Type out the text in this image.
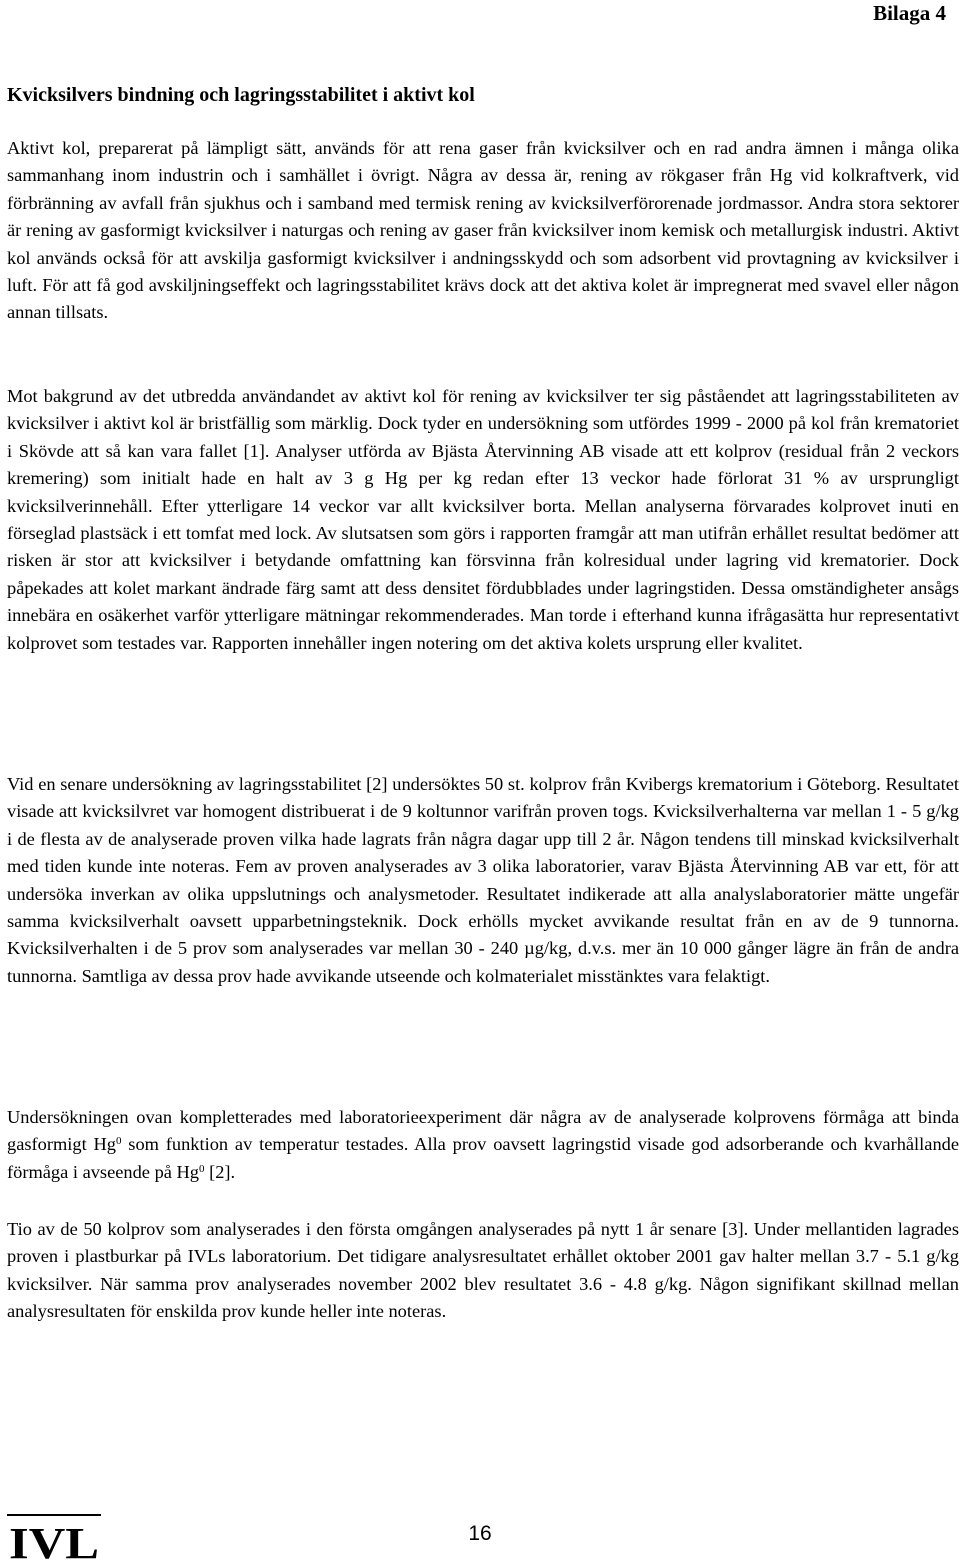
Bilaga 4
Kvicksilvers bindning och lagringsstabilitet i aktivt kol

Aktivt kol, preparerat på lämpligt sätt, används för att rena gaser från kvicksilver och en rad andra ämnen i många olika sammanhang inom industrin och i samhället i övrigt. Några av dessa är, rening av rökgaser från Hg vid kolkraftverk, vid förbränning av avfall från sjukhus och i samband med termisk rening av kvicksilverförorenade jordmassor. Andra stora sektorer är rening av gasformigt kvicksilver i naturgas och rening av gaser från kvicksilver inom kemisk och metallurgisk industri. Aktivt kol används också för att avskilja gasformigt kvicksilver i andningsskydd och som adsorbent vid provtagning av kvicksilver i luft. För att få god avskiljningseffekt och lagringsstabilitet krävs dock att det aktiva kolet är impregnerat med svavel eller någon annan tillsats.

Mot bakgrund av det utbredda användandet av aktivt kol för rening av kvicksilver ter sig påståendet att lagringsstabiliteten av kvicksilver i aktivt kol är bristfällig som märklig. Dock tyder en undersökning som utfördes 1999 - 2000 på kol från krematoriet i Skövde att så kan vara fallet [1]. Analyser utförda av Bjästa Återvinning AB visade att ett kolprov (residual från 2 veckors kremering) som initialt hade en halt av 3 g Hg per kg redan efter 13 veckor hade förlorat 31 % av ursprungligt kvicksilverinnehåll. Efter ytterligare 14 veckor var allt kvicksilver borta. Mellan analyserna förvarades kolprovet inuti en förseglad plastsäck i ett tomfat med lock. Av slutsatsen som görs i rapporten framgår att man utifrån erhållet resultat bedömer att risken är stor att kvicksilver i betydande omfattning kan försvinna från kolresidual under lagring vid krematorier. Dock påpekades att kolet markant ändrade färg samt att dess densitet fördubblades under lagringstiden. Dessa omständigheter ansågs innebära en osäkerhet varför ytterligare mätningar rekommenderades. Man torde i efterhand kunna ifrågasätta hur representativt kolprovet som testades var. Rapporten innehåller ingen notering om det aktiva kolets ursprung eller kvalitet.

Vid en senare undersökning av lagringsstabilitet [2] undersöktes 50 st. kolprov från Kvibergs krematorium i Göteborg. Resultatet visade att kvicksilvret var homogent distribuerat i de 9 koltunnor varifrån proven togs. Kvicksilverhalterna var mellan 1 - 5 g/kg i de flesta av de analyserade proven vilka hade lagrats från några dagar upp till 2 år. Någon tendens till minskad kvicksilverhalt med tiden kunde inte noteras. Fem av proven analyserades av 3 olika laboratorier, varav Bjästa Återvinning AB var ett, för att undersöka inverkan av olika uppslutnings och analysmetoder. Resultatet indikerade att alla analyslaboratorier mätte ungefär samma kvicksilverhalt oavsett upparbetningsteknik. Dock erhölls mycket avvikande resultat från en av de 9 tunnorna. Kvicksilverhalten i de 5 prov som analyserades var mellan 30 - 240 µg/kg, d.v.s. mer än 10 000 gånger lägre än från de andra tunnorna. Samtliga av dessa prov hade avvikande utseende och kolmaterialet misstänktes vara felaktigt.

Undersökningen ovan kompletterades med laboratorieexperiment där några av de analyserade kolprovens förmåga att binda gasformigt Hg$^0$ som funktion av temperatur testades. Alla prov oavsett lagringstid visade god adsorberande och kvarhållande förmåga i avseende på Hg$^0$ [2].

Tio av de 50 kolprov som analyserades i den första omgången analyserades på nytt 1 år senare [3]. Under mellantiden lagrades proven i plastburkar på IVLs laboratorium. Det tidigare analysresultatet erhållet oktober 2001 gav halter mellan 3.7 - 5.1 g/kg kvicksilver. När samma prov analyserades november 2002 blev resultatet 3.6 - 4.8 g/kg. Någon signifikant skillnad mellan analysresultaten för enskilda prov kunde heller inte noteras.

IVL	16
